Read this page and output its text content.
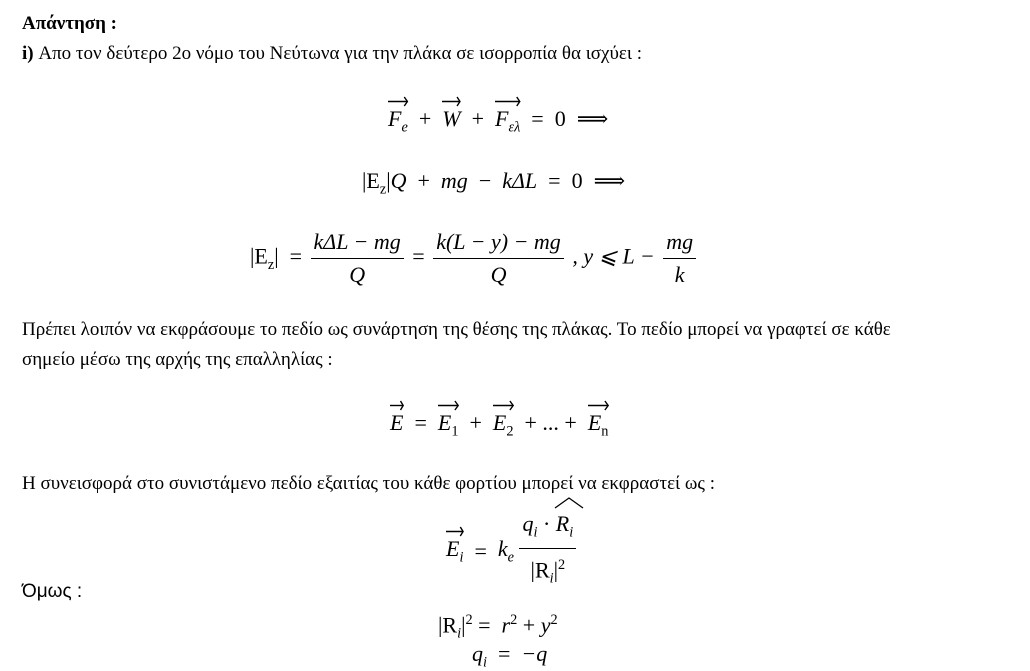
Απάντηση :
i) Απο τον δεύτερο 2ο νόμο του Νεύτωνα για την πλάκα σε ισορροπία θα ισχύει :
$F_e + W + F_{\varepsilon\lambda} = 0$ ⟹
$|E_z|Q$ + mg − kΔL = 0 ⟹
$|E_z| = \frac{\text{kΔL − mg}}{Q} = \frac{k(L - y) - mg}{Q}$ , y ⩽ $L - \frac{mg}{k}$
Πρέπει λοιπόν να εκφράσουμε το πεδίο ως συνάρτηση της θέσης της πλάκας. Το πεδίο μπορεί να γραφτεί σε κάθε
σημείο μέσω της αρχής της επαλληλίας :
$E = E_1 + E_2$ + ... + $E_n$
Η συνεισφορά στο συνιστάμενο πεδίο εξαιτίας του κάθε φορτίου μπορεί να εκφραστεί ως :
$E_i = k_e \frac{q_i \cdot R_i}{|R_i|^2}$
Όμως :
$|R_i|^2 = r^2 + y^2$
$q_i = -q$
